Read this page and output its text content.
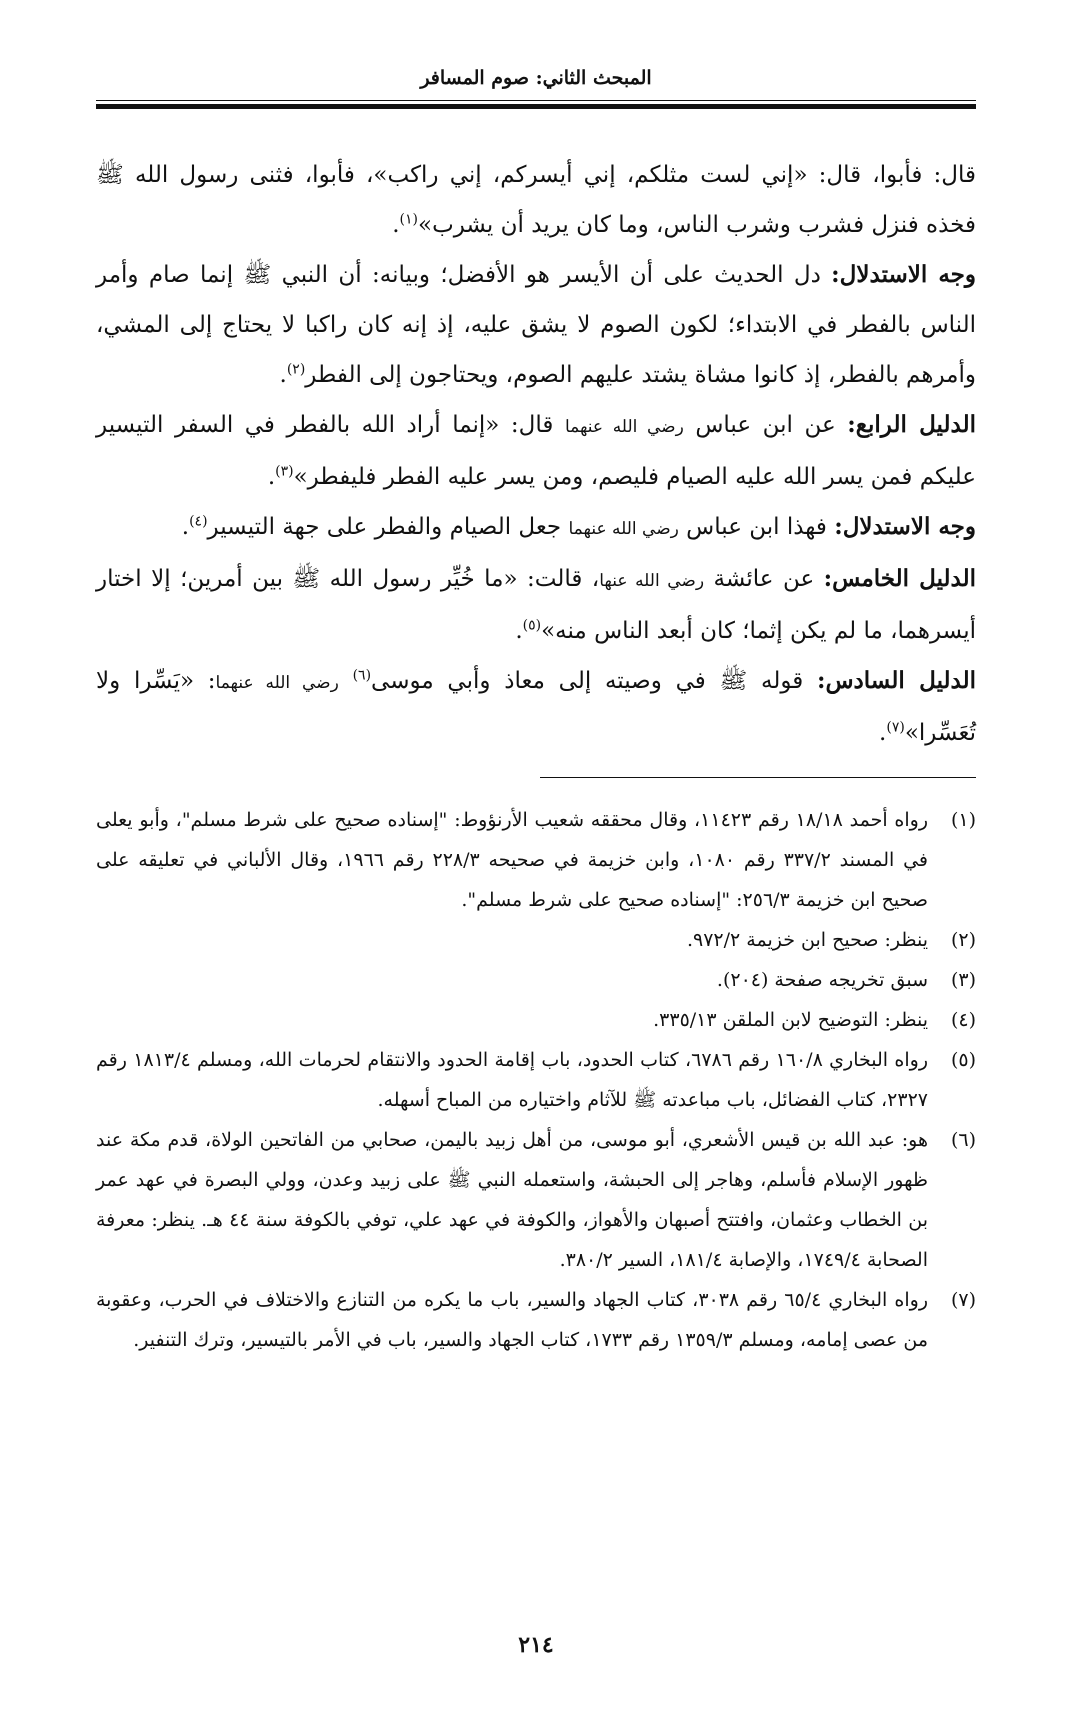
المبحث الثاني: صوم المسافر

قال: فأبوا، قال: «إني لست مثلكم، إني أيسركم، إني راكب»، فأبوا، فثنى رسول الله ﷺ فخذه فنزل فشرب وشرب الناس، وما كان يريد أن يشرب»$^{(١)}$.

وجه الاستدلال: دل الحديث على أن الأيسر هو الأفضل؛ وبيانه: أن النبي ﷺ إنما صام وأمر الناس بالفطر في الابتداء؛ لكون الصوم لا يشق عليه، إذ إنه كان راكبا لا يحتاج إلى المشي، وأمرهم بالفطر، إذ كانوا مشاة يشتد عليهم الصوم، ويحتاجون إلى الفطر$^{(٢)}$.

الدليل الرابع: عن ابن عباس رضي الله عنهما قال: «إنما أراد الله بالفطر في السفر التيسير عليكم فمن يسر الله عليه الصيام فليصم، ومن يسر عليه الفطر فليفطر»$^{(٣)}$.

وجه الاستدلال: فهذا ابن عباس رضي الله عنهما جعل الصيام والفطر على جهة التيسير$^{(٤)}$.

الدليل الخامس: عن عائشة رضي الله عنها، قالت: «ما خُيِّر رسول الله ﷺ بين أمرين؛ إلا اختار أيسرهما، ما لم يكن إثما؛ كان أبعد الناس منه»$^{(٥)}$.

الدليل السادس: قوله ﷺ في وصيته إلى معاذ وأبي موسى$^{(٦)}$ رضي الله عنهما: «يَسِّرا ولا تُعَسِّرا»$^{(٧)}$.

(١)
رواه أحمد ١٨/١٨ رقم ١١٤٢٣، وقال محققه شعيب الأرنؤوط: "إسناده صحيح على شرط مسلم"، وأبو يعلى في المسند ٣٣٧/٢ رقم ١٠٨٠، وابن خزيمة في صحيحه ٢٢٨/٣ رقم ١٩٦٦، وقال الألباني في تعليقه على صحيح ابن خزيمة ٢٥٦/٣: "إسناده صحيح على شرط مسلم".
(٢)
ينظر: صحيح ابن خزيمة ٩٧٢/٢.
(٣)
سبق تخريجه صفحة (٢٠٤).
(٤)
ينظر: التوضيح لابن الملقن ٣٣٥/١٣.
(٥)
رواه البخاري ١٦٠/٨ رقم ٦٧٨٦، كتاب الحدود، باب إقامة الحدود والانتقام لحرمات الله، ومسلم ١٨١٣/٤ رقم ٢٣٢٧، كتاب الفضائل، باب مباعدته ﷺ للآثام واختياره من المباح أسهله.
(٦)
هو: عبد الله بن قيس الأشعري، أبو موسى، من أهل زبيد باليمن، صحابي من الفاتحين الولاة، قدم مكة عند ظهور الإسلام فأسلم، وهاجر إلى الحبشة، واستعمله النبي ﷺ على زبيد وعدن، وولي البصرة في عهد عمر بن الخطاب وعثمان، وافتتح أصبهان والأهواز، والكوفة في عهد علي، توفي بالكوفة سنة ٤٤ هـ. ينظر: معرفة الصحابة ١٧٤٩/٤، والإصابة ١٨١/٤، السير ٣٨٠/٢.
(٧)
رواه البخاري ٦٥/٤ رقم ٣٠٣٨، كتاب الجهاد والسير، باب ما يكره من التنازع والاختلاف في الحرب، وعقوبة من عصى إمامه، ومسلم ١٣٥٩/٣ رقم ١٧٣٣، كتاب الجهاد والسير، باب في الأمر بالتيسير، وترك التنفير.
٢١٤
